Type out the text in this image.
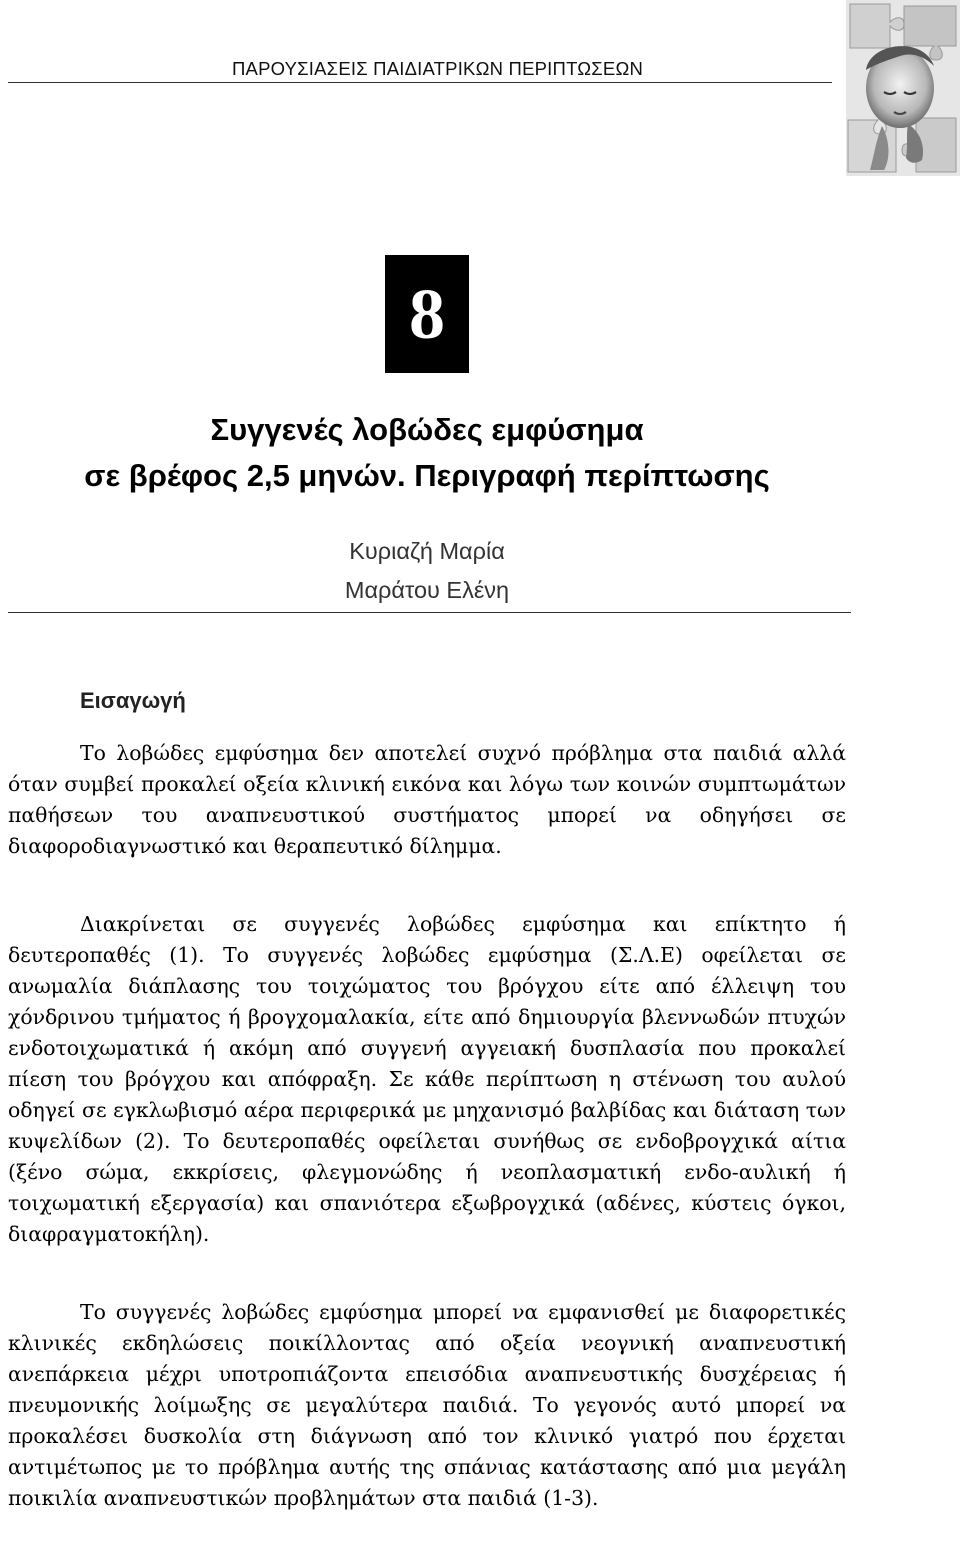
ΠΑΡΟΥΣΙΑΣΕΙΣ ΠΑΙΔΙΑΤΡΙΚΩΝ ΠΕΡΙΠΤΩΣΕΩΝ
8
Συγγενές λοβώδες εμφύσημα
σε βρέφος 2,5 μηνών. Περιγραφή περίπτωσης
Κυριαζή Μαρία
Μαράτου Ελένη
Εισαγωγή

Το λοβώδες εμφύσημα δεν αποτελεί συχνό πρόβλημα στα παιδιά αλλά όταν συμβεί προκαλεί οξεία κλινική εικόνα και λόγω των κοινών συμπτωμάτων παθήσεων του αναπνευστικού συστήματος μπορεί να οδηγήσει σε διαφοροδιαγνωστικό και θεραπευτικό δίλημμα.

Διακρίνεται σε συγγενές λοβώδες εμφύσημα και επίκτητο ή δευτεροπαθές (1). Το συγγενές λοβώδες εμφύσημα (Σ.Λ.Ε) οφείλεται σε ανωμαλία διάπλασης του τοιχώματος του βρόγχου είτε από έλλειψη του χόνδρινου τμήματος ή βρογχομαλακία, είτε από δημιουργία βλεννωδών πτυχών ενδοτοιχωματικά ή ακόμη από συγγενή αγγειακή δυσπλασία που προκαλεί πίεση του βρόγχου και απόφραξη. Σε κάθε περίπτωση η στένωση του αυλού οδηγεί σε εγκλωβισμό αέρα περιφερικά με μηχανισμό βαλβίδας και διάταση των κυψελίδων (2). Το δευτεροπαθές οφείλεται συνήθως σε ενδοβρογχικά αίτια (ξένο σώμα, εκκρίσεις, φλεγμονώδης ή νεοπλασματική ενδο-αυλική ή τοιχωματική εξεργασία) και σπανιότερα εξωβρογχικά (αδένες, κύστεις όγκοι, διαφραγματοκήλη).

Το συγγενές λοβώδες εμφύσημα μπορεί να εμφανισθεί με διαφορετικές κλινικές εκδηλώσεις ποικίλλοντας από οξεία νεογνική αναπνευστική ανεπάρκεια μέχρι υποτροπιάζοντα επεισόδια αναπνευστικής δυσχέρειας ή πνευμονικής λοίμωξης σε μεγαλύτερα παιδιά. Το γεγονός αυτό μπορεί να προκαλέσει δυσκολία στη διάγνωση από τον κλινικό γιατρό που έρχεται αντιμέτωπος με το πρόβλημα αυτής της σπάνιας κατάστασης από μια μεγάλη ποικιλία αναπνευστικών προβλημάτων στα παιδιά (1-3).
